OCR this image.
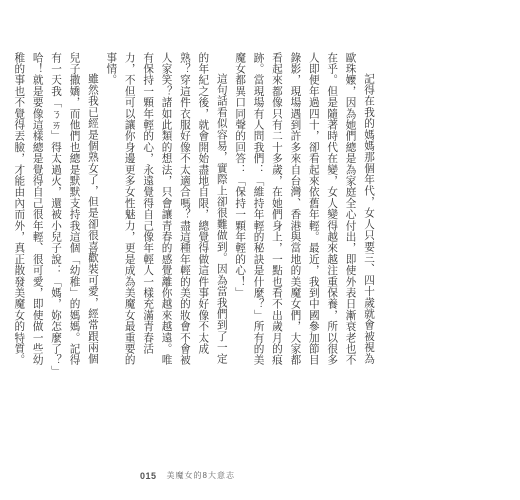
記得在我的媽媽那個年代，女人只要三、四十歲就會被視為歐珠嬤，因為她們總是為家庭全心付出，即使外表日漸衰老也不在乎。但是隨著時代在變，女人變得越來越注重保養，所以很多人即便年過四十，卻看起來依舊年輕。最近，我到中國參加節目錄影，現場遇到許多來自台灣、香港與當地的美魔女們，大家都看起來都像只有二十多歲，在她們身上，一點也看不出歲月的痕跡。當現場有人問我們：「維持年輕的秘訣是什麼？」所有的美魔女都異口同聲的回答：「保持一顆年輕的心！」

這句話看似容易，實際上卻很難做到。因為當我們到了一定的年紀之後，就會開始盡地自限，總覺得做這件事好像不太成熟？穿這件衣服好像不太適合嗎？盡這種年輕的美的妝會不會被人家笑？諸如此類的想法，只會讓青春的感覺離你越來越遠。唯有保持一顆年輕的心，永遠覺得自己像年輕人一樣充滿青春活力，不但可以讓你身邊更多女性魅力，更是成為美魔女最重要的事情。

雖然我已經是個熟女了，但是卻很喜歡裝可愛，經常跟兩個兒子撒嬌，而他們也總是默默支持我這個「幼稚」的媽媽。記得有一天我「ㄋㄞ」得太過火，還被小兒子說：「媽，妳怎麼了？」哈！就是要像這樣總是覺得自己很年輕、很可愛，即使做一些幼稚的事也不覺得丟臉，才能由內而外，真正散發美魔女的特質。

015 美魔女的8大意志
